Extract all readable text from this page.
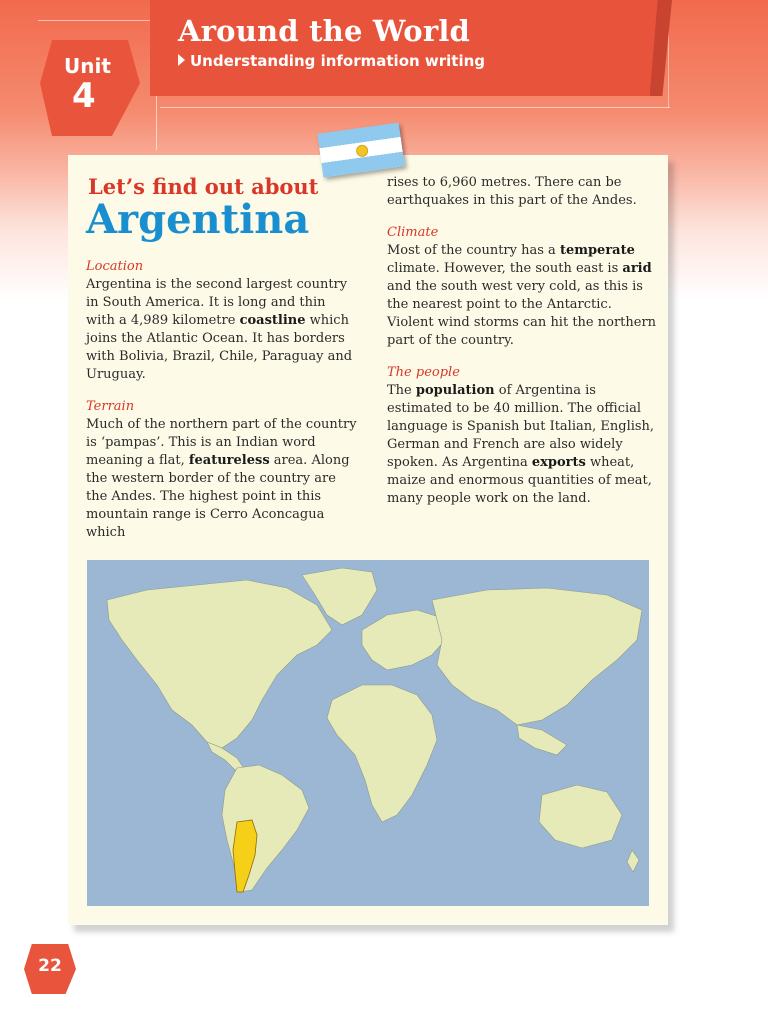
Unit
4
Around the World
Understanding information writing
Let’s find out about
Argentina
Location

Argentina is the second largest country in South America. It is long and thin with a 4,989 kilometre coastline which joins the Atlantic Ocean. It has borders with Bolivia, Brazil, Chile, Paraguay and Uruguay.

Terrain

Much of the northern part of the country is ‘pampas’. This is an Indian word meaning a flat, featureless area. Along the western border of the country are the Andes. The highest point in this mountain range is Cerro Aconcagua which

rises to 6,960 metres. There can be earthquakes in this part of the Andes.

Climate

Most of the country has a temperate climate. However, the south east is arid and the south west very cold, as this is the nearest point to the Antarctic. Violent wind storms can hit the northern part of the country.

The people

The population of Argentina is estimated to be 40 million. The official language is Spanish but Italian, English, German and French are also widely spoken. As Argentina exports wheat, maize and enormous quantities of meat, many people work on the land.

22
